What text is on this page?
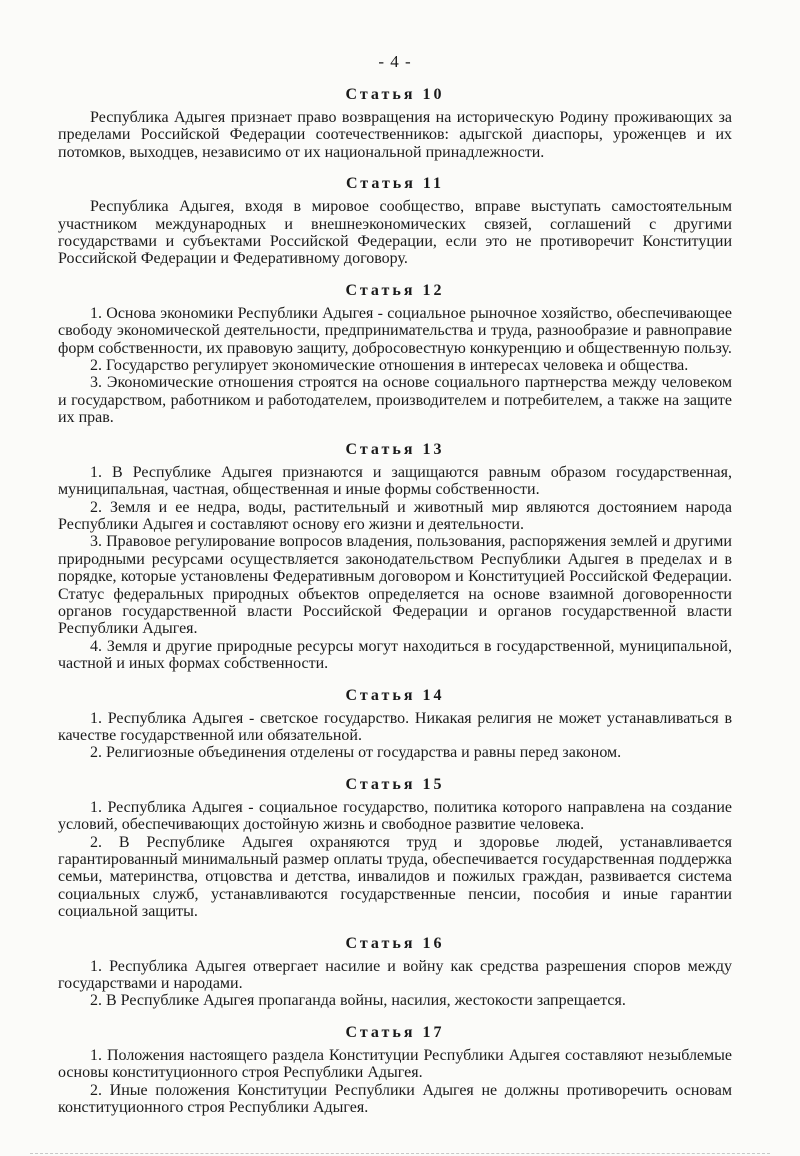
- 4 -
Статья 10

Республика Адыгея признает право возвращения на историческую Родину проживающих за пределами Российской Федерации соотечественников: адыгской диаспоры, уроженцев и их потомков, выходцев, независимо от их национальной принадлежности.

Статья 11

Республика Адыгея, входя в мировое сообщество, вправе выступать самостоятельным участником международных и внешнеэкономических связей, соглашений с другими государствами и субъектами Российской Федерации, если это не противоречит Конституции Российской Федерации и Федеративному договору.

Статья 12

1. Основа экономики Республики Адыгея - социальное рыночное хозяйство, обеспечивающее свободу экономической деятельности, предпринимательства и труда, разнообразие и равноправие форм собственности, их правовую защиту, добросовестную конкуренцию и общественную пользу.

2. Государство регулирует экономические отношения в интересах человека и общества.

3. Экономические отношения строятся на основе социального партнерства между человеком и государством, работником и работодателем, производителем и потребителем, а также на защите их прав.

Статья 13

1. В Республике Адыгея признаются и защищаются равным образом государственная, муниципальная, частная, общественная и иные формы собственности.

2. Земля и ее недра, воды, растительный и животный мир являются достоянием народа Республики Адыгея и составляют основу его жизни и деятельности.

3. Правовое регулирование вопросов владения, пользования, распоряжения землей и другими природными ресурсами осуществляется законодательством Республики Адыгея в пределах и в порядке, которые установлены Федеративным договором и Конституцией Российской Федерации. Статус федеральных природных объектов определяется на основе взаимной договоренности органов государственной власти Российской Федерации и органов государственной власти Республики Адыгея.

4. Земля и другие природные ресурсы могут находиться в государственной, муниципальной, частной и иных формах собственности.

Статья 14

1. Республика Адыгея - светское государство. Никакая религия не может устанавливаться в качестве государственной или обязательной.

2. Религиозные объединения отделены от государства и равны перед законом.

Статья 15

1. Республика Адыгея - социальное государство, политика которого направлена на создание условий, обеспечивающих достойную жизнь и свободное развитие человека.

2. В Республике Адыгея охраняются труд и здоровье людей, устанавливается гарантированный минимальный размер оплаты труда, обеспечивается государственная поддержка семьи, материнства, отцовства и детства, инвалидов и пожилых граждан, развивается система социальных служб, устанавливаются государственные пенсии, пособия и иные гарантии социальной защиты.

Статья 16

1. Республика Адыгея отвергает насилие и войну как средства разрешения споров между государствами и народами.

2. В Республике Адыгея пропаганда войны, насилия, жестокости запрещается.

Статья 17

1. Положения настоящего раздела Конституции Республики Адыгея составляют незыблемые основы конституционного строя Республики Адыгея.

2. Иные положения Конституции Республики Адыгея не должны противоречить основам конституционного строя Республики Адыгея.
